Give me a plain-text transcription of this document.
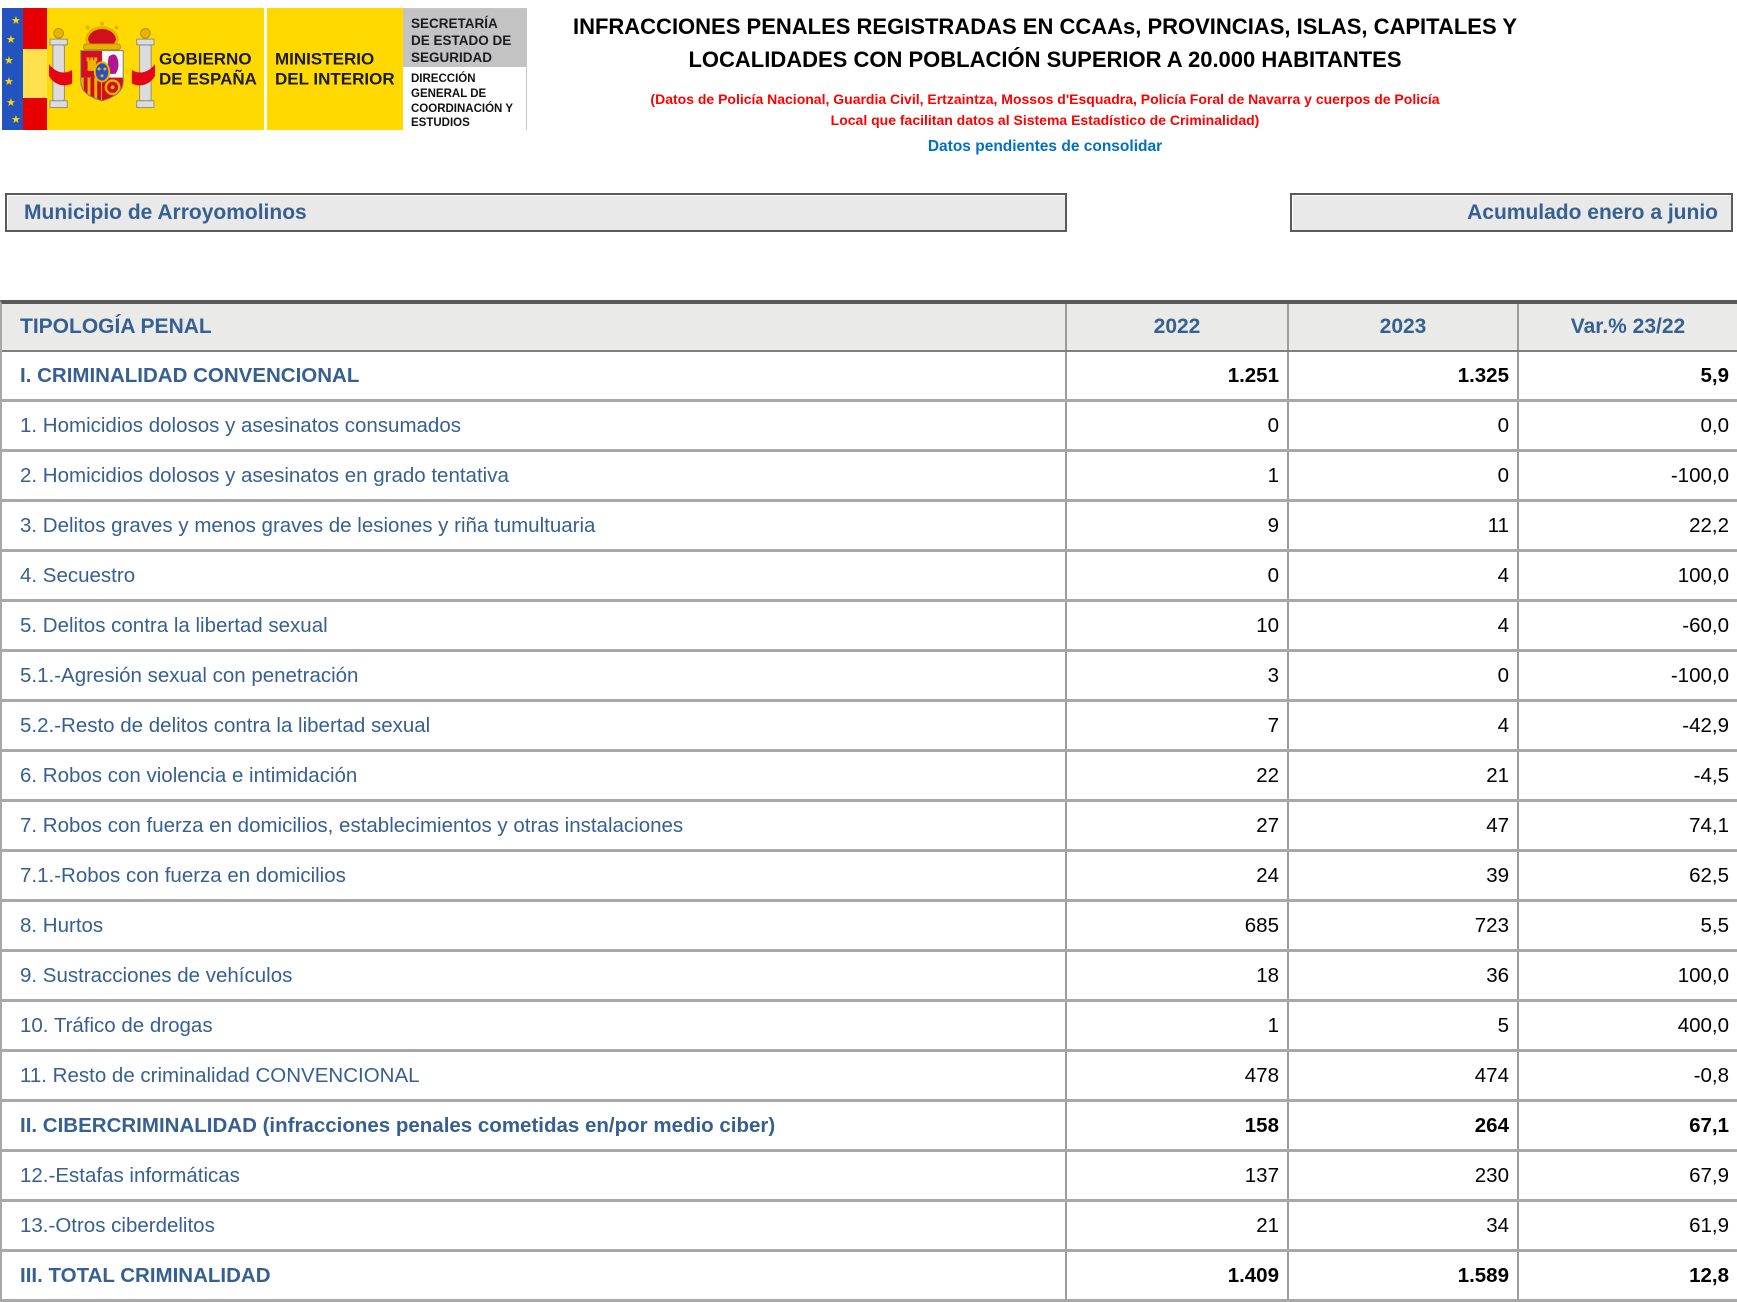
★
★
★
★
★
★
GOBIERNO
DE ESPAÑA
MINISTERIO
DEL INTERIOR
SECRETARÍA DE ESTADO DE SEGURIDAD
DIRECCIÓN GENERAL DE COORDINACIÓN Y ESTUDIOS
INFRACCIONES PENALES REGISTRADAS EN CCAAs, PROVINCIAS, ISLAS, CAPITALES Y
LOCALIDADES CON POBLACIÓN SUPERIOR A 20.000 HABITANTES
(Datos de Policía Nacional, Guardia Civil, Ertzaintza, Mossos d'Esquadra, Policía Foral de Navarra y cuerpos de Policía
Local que facilitan datos al Sistema Estadístico de Criminalidad)
Datos pendientes de consolidar
Municipio de Arroyomolinos	Acumulado enero a junio
TIPOLOGÍA PENAL	2022	2023	Var.% 23/22
I. CRIMINALIDAD CONVENCIONAL	1.251	1.325	5,9
1. Homicidios dolosos y asesinatos consumados	0	0	0,0
2. Homicidios dolosos y asesinatos en grado tentativa	1	0	-100,0
3. Delitos graves y menos graves de lesiones y riña tumultuaria	9	11	22,2
4. Secuestro	0	4	100,0
5. Delitos contra la libertad sexual	10	4	-60,0
5.1.-Agresión sexual con penetración	3	0	-100,0
5.2.-Resto de delitos contra la libertad sexual	7	4	-42,9
6. Robos con violencia e intimidación	22	21	-4,5
7. Robos con fuerza en domicilios, establecimientos y otras instalaciones	27	47	74,1
7.1.-Robos con fuerza en domicilios	24	39	62,5
8. Hurtos	685	723	5,5
9. Sustracciones de vehículos	18	36	100,0
10. Tráfico de drogas	1	5	400,0
11. Resto de criminalidad CONVENCIONAL	478	474	-0,8
II. CIBERCRIMINALIDAD (infracciones penales cometidas en/por medio ciber)	158	264	67,1
12.-Estafas informáticas	137	230	67,9
13.-Otros ciberdelitos	21	34	61,9
III. TOTAL CRIMINALIDAD	1.409	1.589	12,8
